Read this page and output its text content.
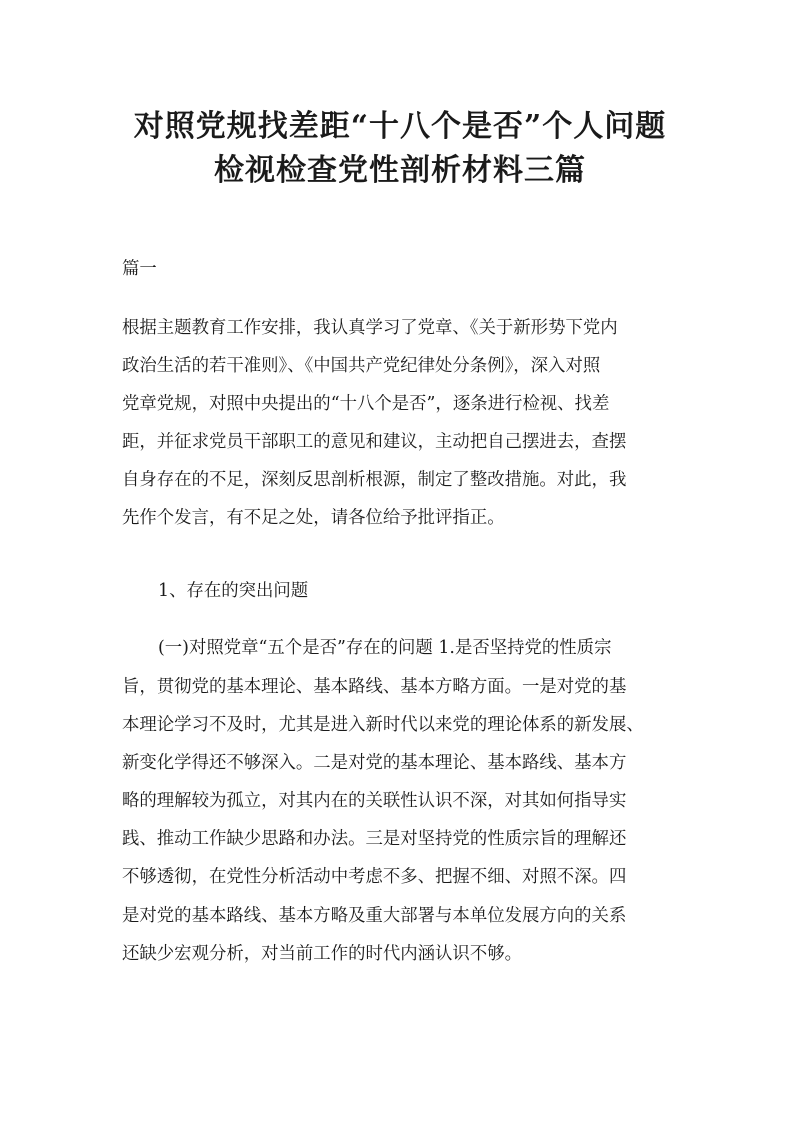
对照党规找差距“十八个是否”个人问题
检视检查党性剖析材料三篇
篇一
根据主题教育工作安排，我认真学习了党章、《关于新形势下党内
政治生活的若干准则》、《中国共产党纪律处分条例》，深入对照
党章党规，对照中央提出的“十八个是否”，逐条进行检视、找差
距，并征求党员干部职工的意见和建议，主动把自己摆进去，查摆
自身存在的不足，深刻反思剖析根源，制定了整改措施。对此，我
先作个发言，有不足之处，请各位给予批评指正。
1、存在的突出问题
(一)对照党章“五个是否”存在的问题 1.是否坚持党的性质宗
旨，贯彻党的基本理论、基本路线、基本方略方面。一是对党的基
本理论学习不及时，尤其是进入新时代以来党的理论体系的新发展、
新变化学得还不够深入。二是对党的基本理论、基本路线、基本方
略的理解较为孤立，对其内在的关联性认识不深，对其如何指导实
践、推动工作缺少思路和办法。三是对坚持党的性质宗旨的理解还
不够透彻，在党性分析活动中考虑不多、把握不细、对照不深。四
是对党的基本路线、基本方略及重大部署与本单位发展方向的关系
还缺少宏观分析，对当前工作的时代内涵认识不够。
